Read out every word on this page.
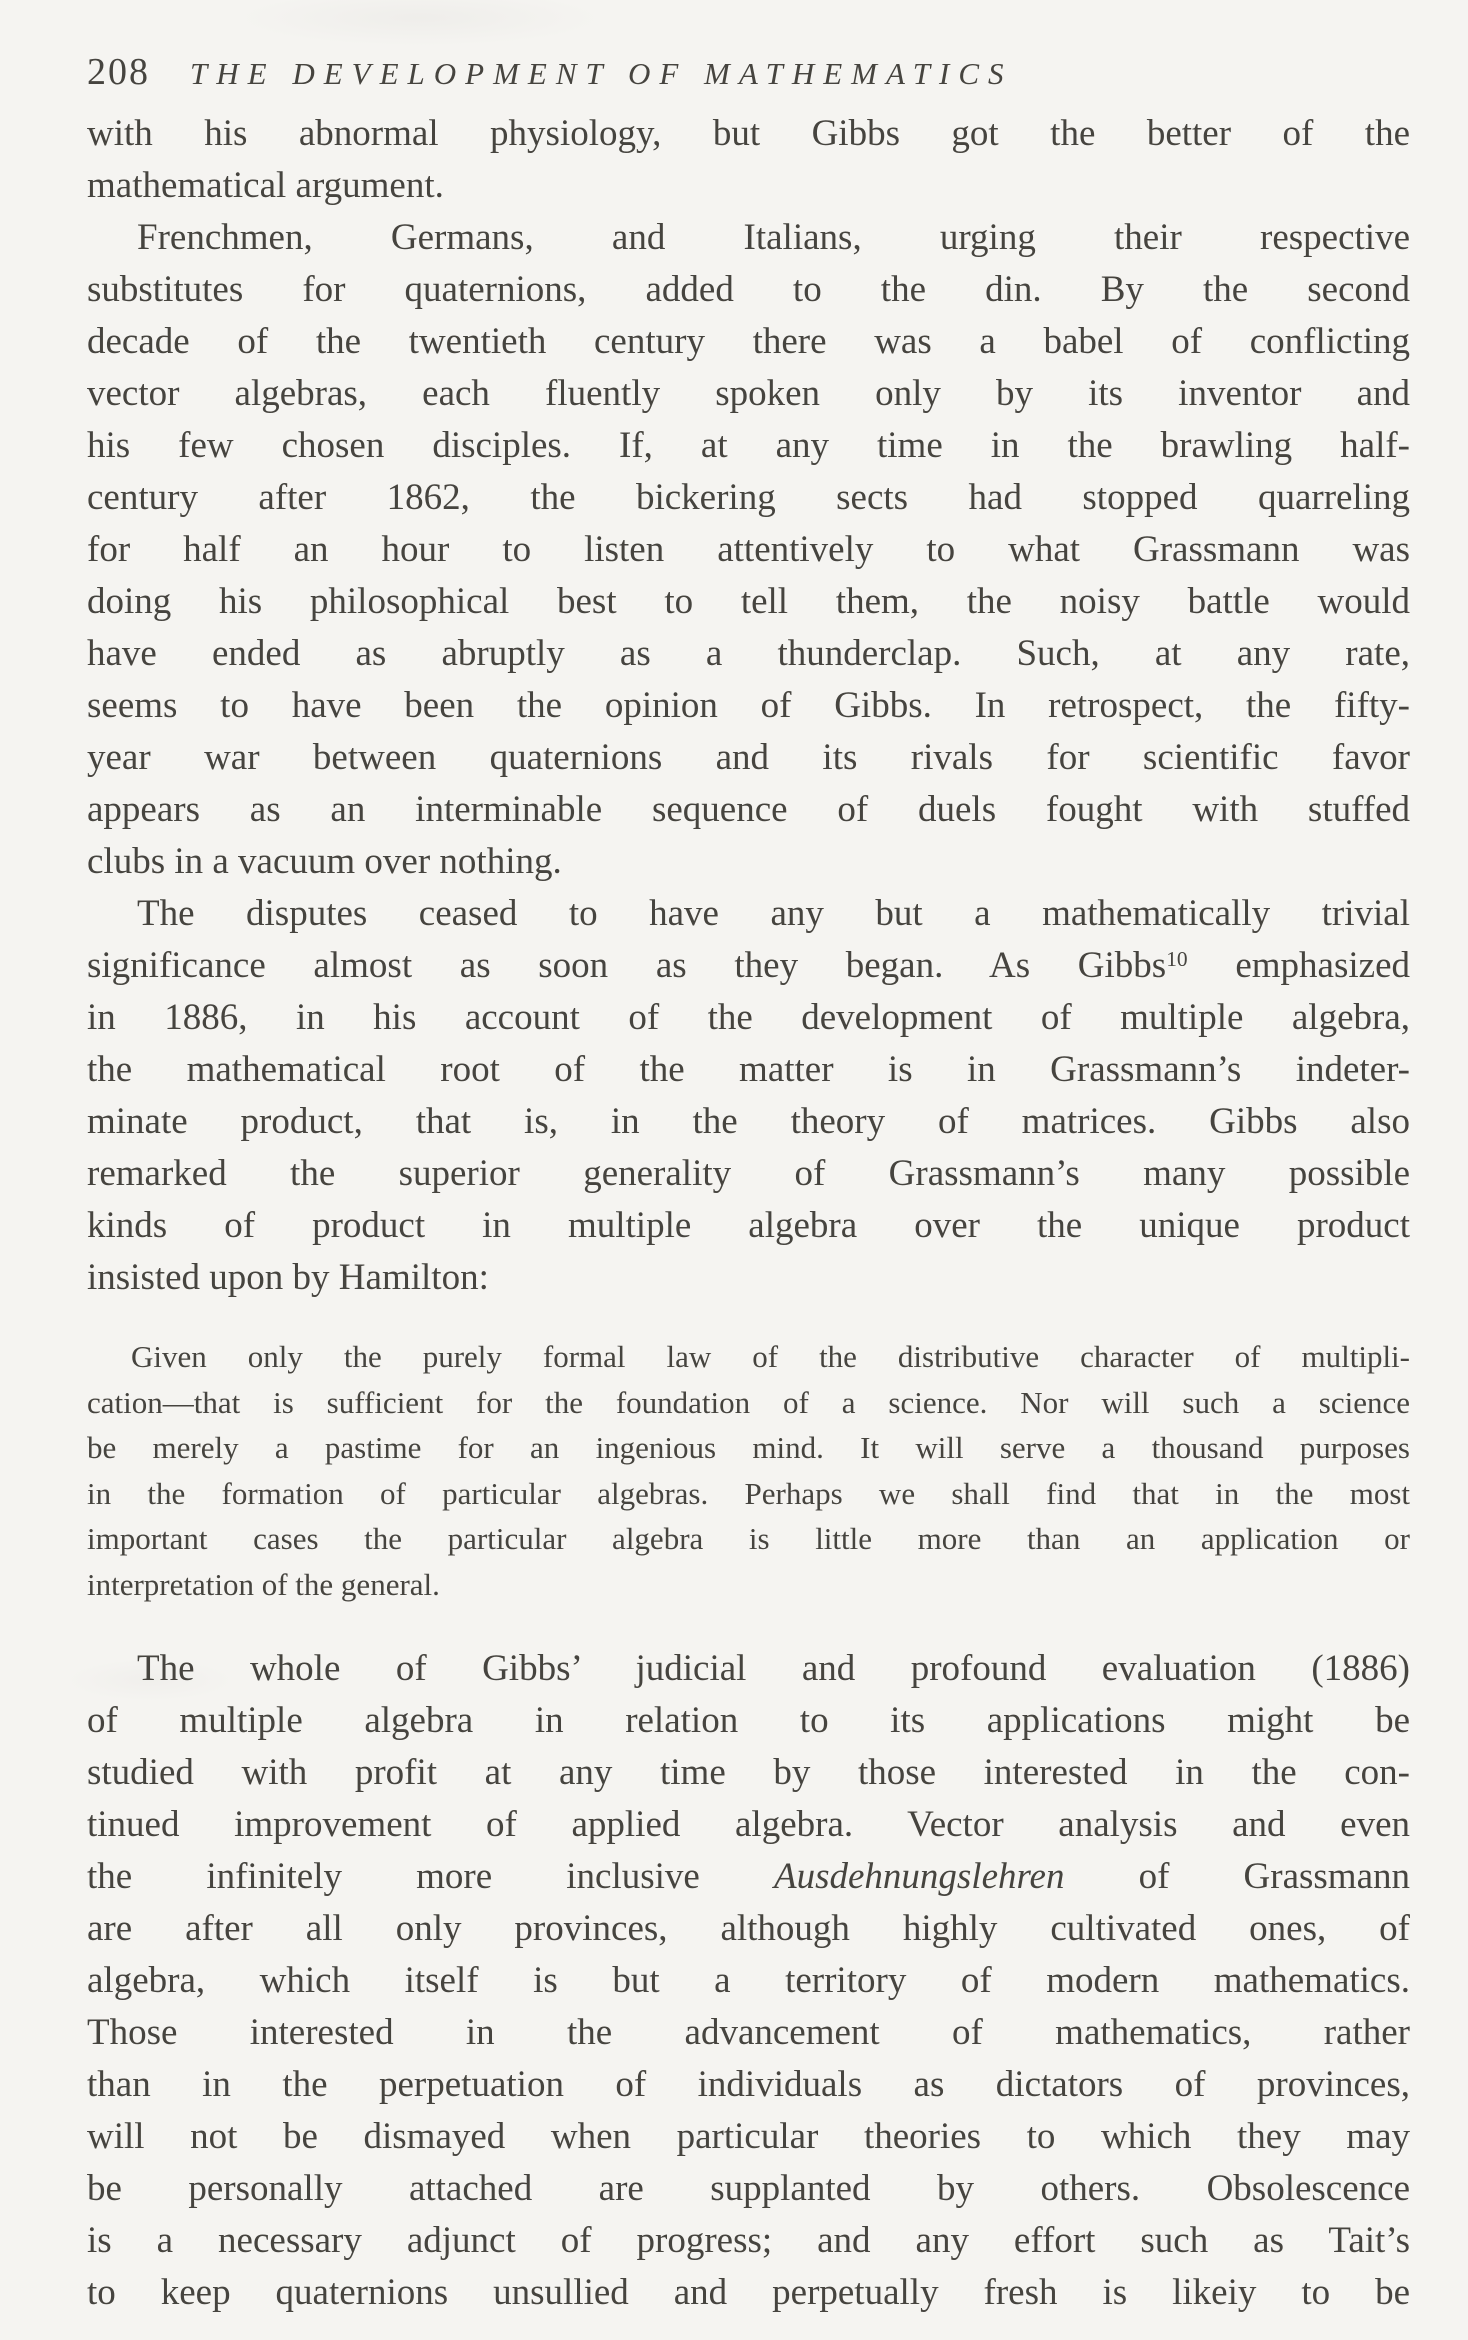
208 THE DEVELOPMENT OF MATHEMATICS
with his abnormal physiology, but Gibbs got the better of the
mathematical argument.
Frenchmen, Germans, and Italians, urging their respective
substitutes for quaternions, added to the din. By the second
decade of the twentieth century there was a babel of conflicting
vector algebras, each fluently spoken only by its inventor and
his few chosen disciples. If, at any time in the brawling half-
century after 1862, the bickering sects had stopped quarreling
for half an hour to listen attentively to what Grassmann was
doing his philosophical best to tell them, the noisy battle would
have ended as abruptly as a thunderclap. Such, at any rate,
seems to have been the opinion of Gibbs. In retrospect, the fifty-
year war between quaternions and its rivals for scientific favor
appears as an interminable sequence of duels fought with stuffed
clubs in a vacuum over nothing.
The disputes ceased to have any but a mathematically trivial
significance almost as soon as they began. As Gibbs$^{10}$ emphasized
in 1886, in his account of the development of multiple algebra,
the mathematical root of the matter is in Grassmann’s indeter-
minate product, that is, in the theory of matrices. Gibbs also
remarked the superior generality of Grassmann’s many possible
kinds of product in multiple algebra over the unique product
insisted upon by Hamilton:
Given only the purely formal law of the distributive character of multipli-
cation—that is sufficient for the foundation of a science. Nor will such a science
be merely a pastime for an ingenious mind. It will serve a thousand purposes
in the formation of particular algebras. Perhaps we shall find that in the most
important cases the particular algebra is little more than an application or
interpretation of the general.
The whole of Gibbs’ judicial and profound evaluation (1886)
of multiple algebra in relation to its applications might be
studied with profit at any time by those interested in the con-
tinued improvement of applied algebra. Vector analysis and even
the infinitely more inclusive Ausdehnungslehren of Grassmann
are after all only provinces, although highly cultivated ones, of
algebra, which itself is but a territory of modern mathematics.
Those interested in the advancement of mathematics, rather
than in the perpetuation of individuals as dictators of provinces,
will not be dismayed when particular theories to which they may
be personally attached are supplanted by others. Obsolescence
is a necessary adjunct of progress; and any effort such as Tait’s
to keep quaternions unsullied and perpetually fresh is likeiy to be
